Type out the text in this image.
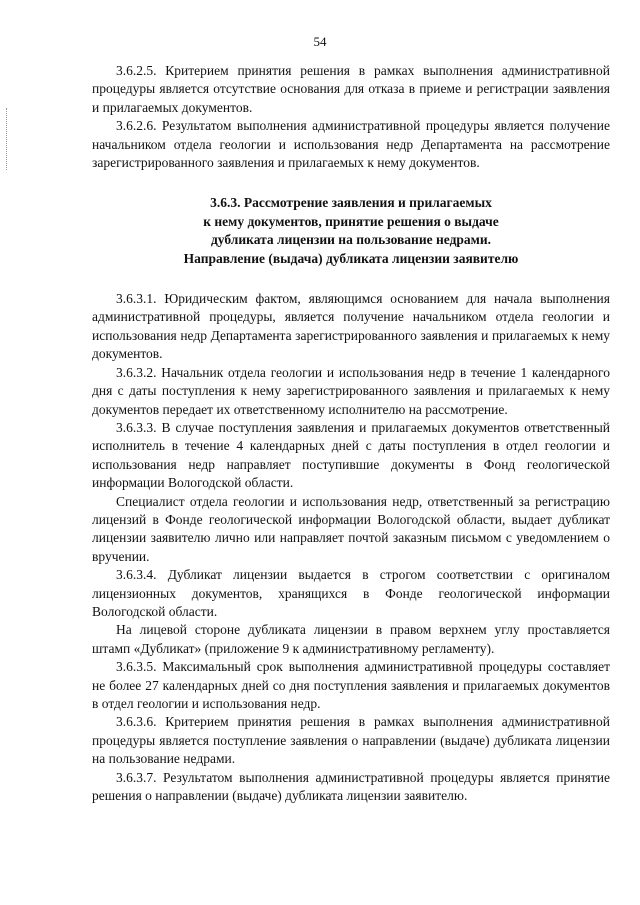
54

3.6.2.5. Критерием принятия решения в рамках выполнения административной процедуры является отсутствие основания для отказа в приеме и регистрации заявления и прилагаемых документов.

3.6.2.6. Результатом выполнения административной процедуры является получение начальником отдела геологии и использования недр Департамента на рассмотрение зарегистрированного заявления и прилагаемых к нему документов.

3.6.3. Рассмотрение заявления и прилагаемых
к нему документов, принятие решения о выдаче
дубликата лицензии на пользование недрами.
Направление (выдача) дубликата лицензии заявителю

3.6.3.1. Юридическим фактом, являющимся основанием для начала выполнения административной процедуры, является получение начальником отдела геологии и использования недр Департамента зарегистрированного заявления и прилагаемых к нему документов.

3.6.3.2. Начальник отдела геологии и использования недр в течение 1 календарного дня с даты поступления к нему зарегистрированного заявления и прилагаемых к нему документов передает их ответственному исполнителю на рассмотрение.

3.6.3.3. В случае поступления заявления и прилагаемых документов ответственный исполнитель в течение 4 календарных дней с даты поступления в отдел геологии и использования недр направляет поступившие документы в Фонд геологической информации Вологодской области.

Специалист отдела геологии и использования недр, ответственный за регистрацию лицензий в Фонде геологической информации Вологодской области, выдает дубликат лицензии заявителю лично или направляет почтой заказным письмом с уведомлением о вручении.

3.6.3.4. Дубликат лицензии выдается в строгом соответствии с оригиналом лицензионных документов, хранящихся в Фонде геологической информации Вологодской области.

На лицевой стороне дубликата лицензии в правом верхнем углу проставляется штамп «Дубликат» (приложение 9 к административному регламенту).

3.6.3.5. Максимальный срок выполнения административной процедуры составляет не более 27 календарных дней со дня поступления заявления и прилагаемых документов в отдел геологии и использования недр.

3.6.3.6. Критерием принятия решения в рамках выполнения административной процедуры является поступление заявления о направлении (выдаче) дубликата лицензии на пользование недрами.

3.6.3.7. Результатом выполнения административной процедуры является принятие решения о направлении (выдаче) дубликата лицензии заявителю.
